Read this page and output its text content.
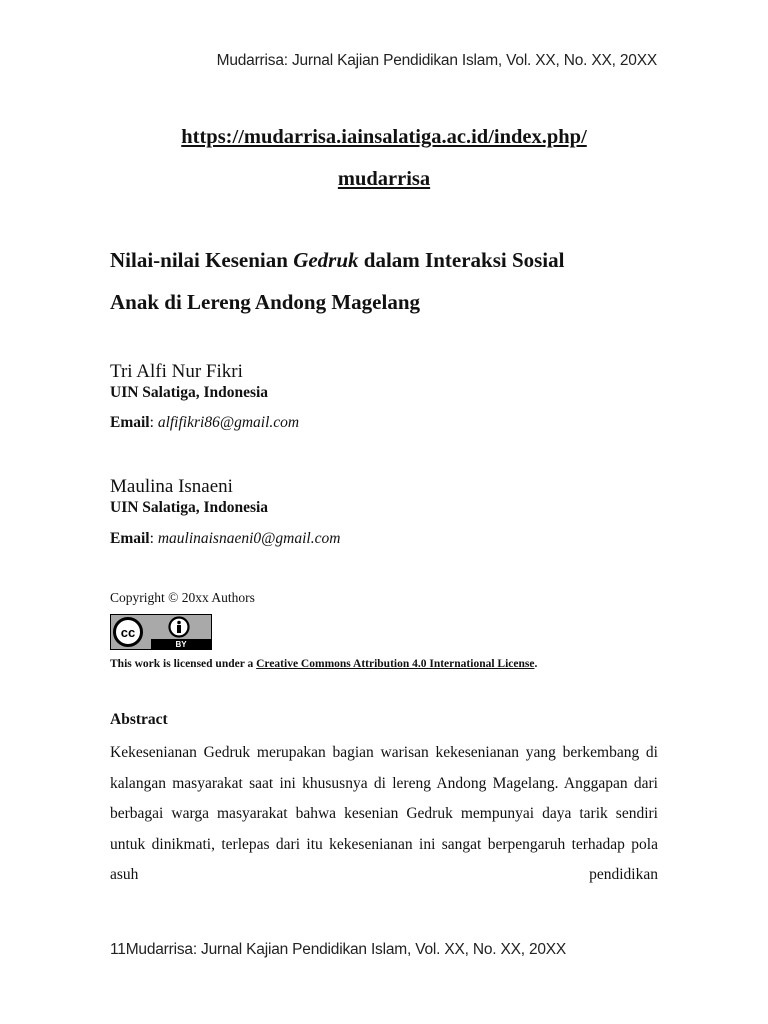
Mudarrisa: Jurnal Kajian Pendidikan Islam, Vol. XX, No. XX, 20XX
https://mudarrisa.iainsalatiga.ac.id/index.php/
mudarrisa
Nilai-nilai Kesenian Gedruk dalam Interaksi Sosial
Anak di Lereng Andong Magelang
Tri Alfi Nur Fikri
UIN Salatiga, Indonesia
Email: alfifikri86@gmail.com
Maulina Isnaeni
UIN Salatiga, Indonesia
Email: maulinaisnaeni0@gmail.com
Copyright © 20xx Authors
cc
BY
This work is licensed under a Creative Commons Attribution 4.0 International License.
Abstract
Kekesenianan Gedruk merupakan bagian warisan kekesenianan yang berkembang di kalangan masyarakat saat ini khususnya di lereng Andong Magelang. Anggapan dari berbagai warga masyarakat bahwa kesenian Gedruk mempunyai daya tarik sendiri untuk dinikmati, terlepas dari itu kekesenianan ini sangat berpengaruh terhadap pola asuh pendidikan
11Mudarrisa: Jurnal Kajian Pendidikan Islam, Vol. XX, No. XX, 20XX
